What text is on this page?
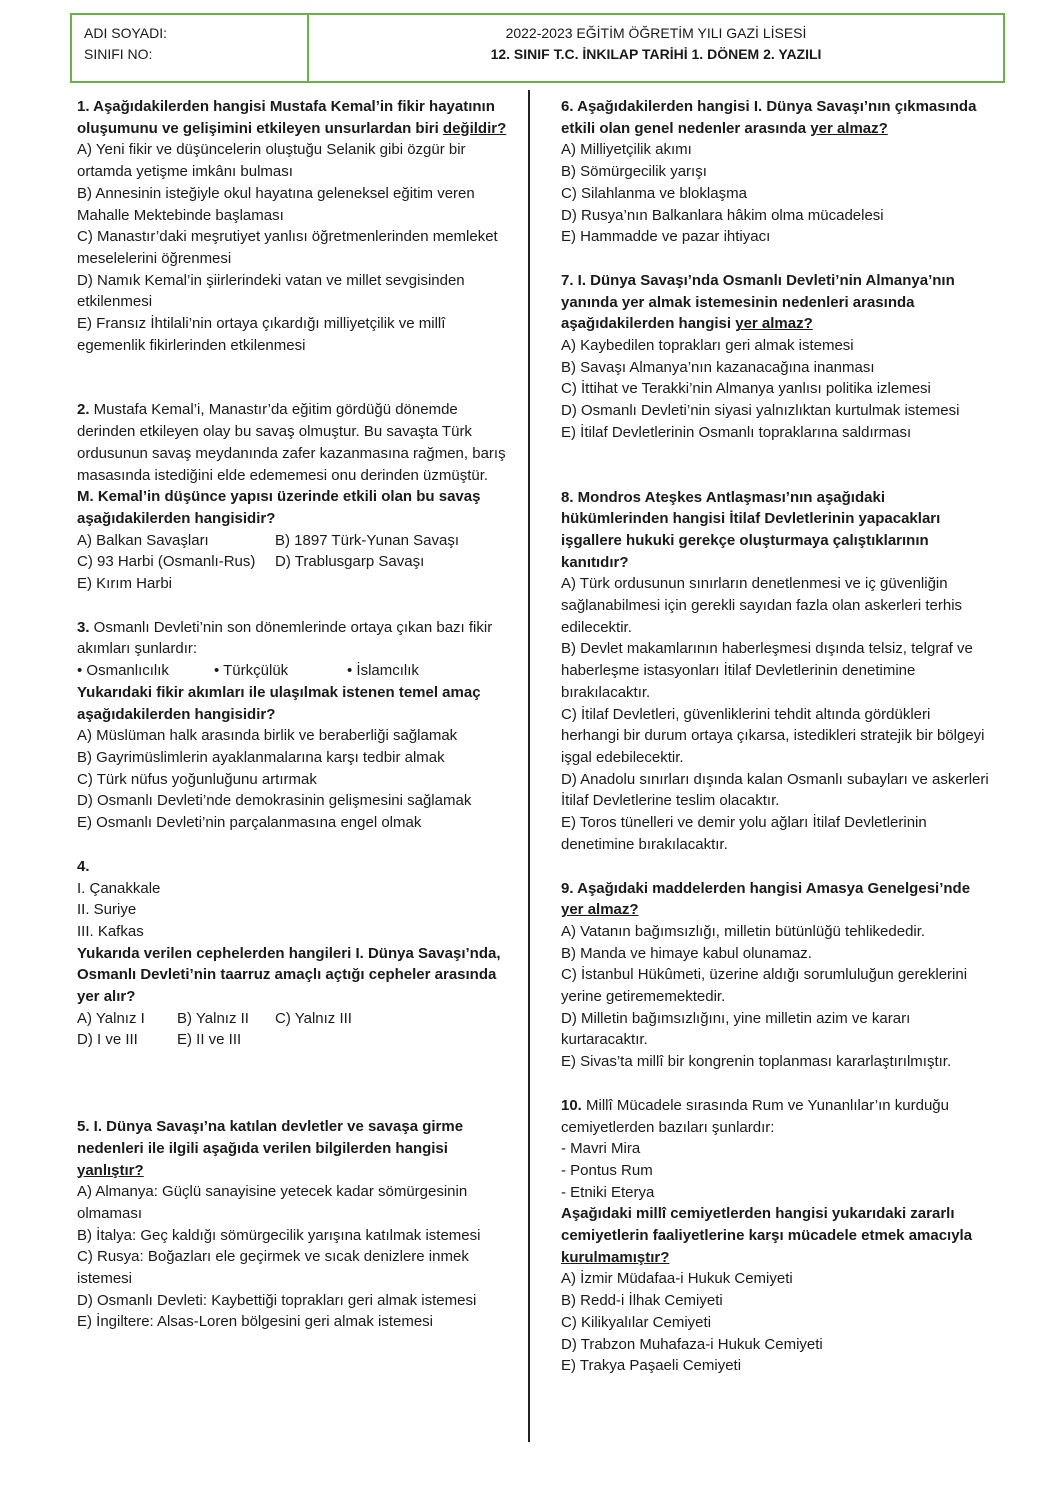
ADI SOYADI:
SINIFI NO:
2022-2023 EĞİTİM ÖĞRETİM YILI GAZİ LİSESİ
12. SINIF T.C. İNKILAP TARİHİ 1. DÖNEM 2. YAZILI

1. Aşağıdakilerden hangisi Mustafa Kemal’in fikir hayatının oluşumunu ve gelişimini etkileyen unsurlardan biri değildir?

A) Yeni fikir ve düşüncelerin oluştuğu Selanik gibi özgür bir ortamda yetişme imkânı bulması

B) Annesinin isteğiyle okul hayatına geleneksel eğitim veren Mahalle Mektebinde başlaması

C) Manastır’daki meşrutiyet yanlısı öğretmenlerinden memleket meselelerini öğrenmesi

D) Namık Kemal’in şiirlerindeki vatan ve millet sevgisinden etkilenmesi

E) Fransız İhtilali’nin ortaya çıkardığı milliyetçilik ve millî egemenlik fikirlerinden etkilenmesi

2. Mustafa Kemal’i, Manastır’da eğitim gördüğü dönemde derinden etkileyen olay bu savaş olmuştur. Bu savaşta Türk ordusunun savaş meydanında zafer kazanmasına rağmen, barış masasında istediğini elde edememesi onu derinden üzmüştür.

M. Kemal’in düşünce yapısı üzerinde etkili olan bu savaş aşağıdakilerden hangisidir?

A) Balkan Savaşları	B) 1897 Türk-Yunan Savaşı
C) 93 Harbi (Osmanlı-Rus)	D) Trablusgarp Savaşı

E) Kırım Harbi

3. Osmanlı Devleti’nin son dönemlerinde ortaya çıkan bazı fikir akımları şunlardır:

• Osmanlıcılık	• Türkçülük	• İslamcılık

Yukarıdaki fikir akımları ile ulaşılmak istenen temel amaç aşağıdakilerden hangisidir?

A) Müslüman halk arasında birlik ve beraberliği sağlamak

B) Gayrimüslimlerin ayaklanmalarına karşı tedbir almak

C) Türk nüfus yoğunluğunu artırmak

D) Osmanlı Devleti’nde demokrasinin gelişmesini sağlamak

E) Osmanlı Devleti’nin parçalanmasına engel olmak

4.

I. Çanakkale

II. Suriye

III. Kafkas

Yukarıda verilen cephelerden hangileri I. Dünya Savaşı’nda, Osmanlı Devleti’nin taarruz amaçlı açtığı cepheler arasında yer alır?

A) Yalnız I	B) Yalnız II	C) Yalnız III
D) I ve III	E) II ve III

5. I. Dünya Savaşı’na katılan devletler ve savaşa girme nedenleri ile ilgili aşağıda verilen bilgilerden hangisi yanlıştır?

A) Almanya: Güçlü sanayisine yetecek kadar sömürgesinin olmaması

B) İtalya: Geç kaldığı sömürgecilik yarışına katılmak istemesi

C) Rusya: Boğazları ele geçirmek ve sıcak denizlere inmek istemesi

D) Osmanlı Devleti: Kaybettiği toprakları geri almak istemesi

E) İngiltere: Alsas-Loren bölgesini geri almak istemesi

6. Aşağıdakilerden hangisi I. Dünya Savaşı’nın çıkmasında etkili olan genel nedenler arasında yer almaz?

A) Milliyetçilik akımı

B) Sömürgecilik yarışı

C) Silahlanma ve bloklaşma

D) Rusya’nın Balkanlara hâkim olma mücadelesi

E) Hammadde ve pazar ihtiyacı

7. I. Dünya Savaşı’nda Osmanlı Devleti’nin Almanya’nın yanında yer almak istemesinin nedenleri arasında aşağıdakilerden hangisi yer almaz?

A) Kaybedilen toprakları geri almak istemesi

B) Savaşı Almanya’nın kazanacağına inanması

C) İttihat ve Terakki’nin Almanya yanlısı politika izlemesi

D) Osmanlı Devleti’nin siyasi yalnızlıktan kurtulmak istemesi

E) İtilaf Devletlerinin Osmanlı topraklarına saldırması

8. Mondros Ateşkes Antlaşması’nın aşağıdaki hükümlerinden hangisi İtilaf Devletlerinin yapacakları işgallere hukuki gerekçe oluşturmaya çalıştıklarının kanıtıdır?

A) Türk ordusunun sınırların denetlenmesi ve iç güvenliğin sağlanabilmesi için gerekli sayıdan fazla olan askerleri terhis edilecektir.

B) Devlet makamlarının haberleşmesi dışında telsiz, telgraf ve haberleşme istasyonları İtilaf Devletlerinin denetimine bırakılacaktır.

C) İtilaf Devletleri, güvenliklerini tehdit altında gördükleri herhangi bir durum ortaya çıkarsa, istedikleri stratejik bir bölgeyi işgal edebilecektir.

D) Anadolu sınırları dışında kalan Osmanlı subayları ve askerleri İtilaf Devletlerine teslim olacaktır.

E) Toros tünelleri ve demir yolu ağları İtilaf Devletlerinin denetimine bırakılacaktır.

9. Aşağıdaki maddelerden hangisi Amasya Genelgesi’nde yer almaz?

A) Vatanın bağımsızlığı, milletin bütünlüğü tehlikededir.

B) Manda ve himaye kabul olunamaz.

C) İstanbul Hükûmeti, üzerine aldığı sorumluluğun gereklerini yerine getirememektedir.

D) Milletin bağımsızlığını, yine milletin azim ve kararı kurtaracaktır.

E) Sivas’ta millî bir kongrenin toplanması kararlaştırılmıştır.

10. Millî Mücadele sırasında Rum ve Yunanlılar’ın kurduğu cemiyetlerden bazıları şunlardır:

- Mavri Mira

- Pontus Rum

- Etniki Eterya

Aşağıdaki millî cemiyetlerden hangisi yukarıdaki zararlı cemiyetlerin faaliyetlerine karşı mücadele etmek amacıyla kurulmamıştır?

A) İzmir Müdafaa-i Hukuk Cemiyeti

B) Redd-i İlhak Cemiyeti

C) Kilikyalılar Cemiyeti

D) Trabzon Muhafaza-i Hukuk Cemiyeti

E) Trakya Paşaeli Cemiyeti
